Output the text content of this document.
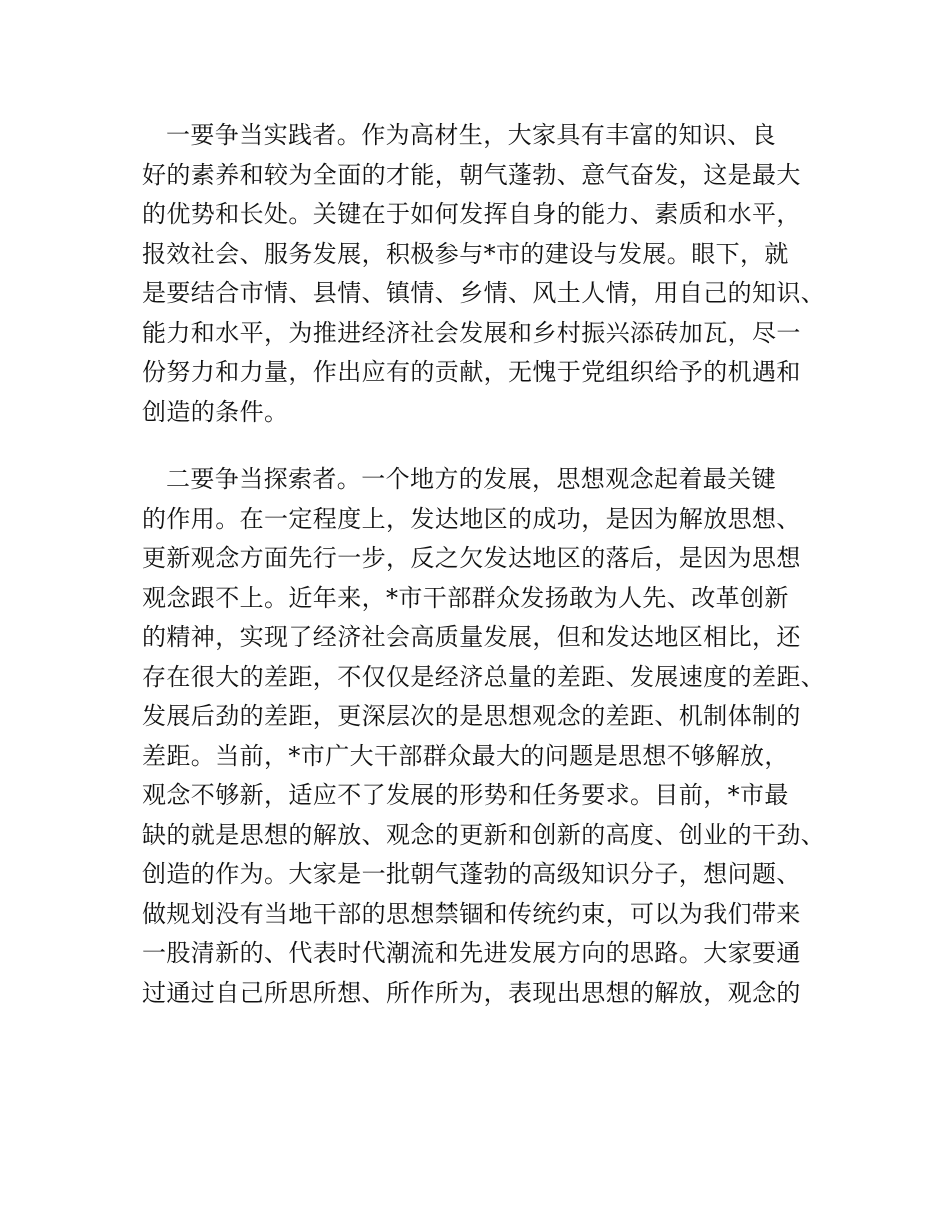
一要争当实践者。作为高材生，大家具有丰富的知识、良
好的素养和较为全面的才能，朝气蓬勃、意气奋发，这是最大
的优势和长处。关键在于如何发挥自身的能力、素质和水平，
报效社会、服务发展，积极参与*市的建设与发展。眼下，就
是要结合市情、县情、镇情、乡情、风土人情，用自己的知识、
能力和水平，为推进经济社会发展和乡村振兴添砖加瓦，尽一
份努力和力量，作出应有的贡献，无愧于党组织给予的机遇和
创造的条件。

二要争当探索者。一个地方的发展，思想观念起着最关键
的作用。在一定程度上，发达地区的成功，是因为解放思想、
更新观念方面先行一步，反之欠发达地区的落后，是因为思想
观念跟不上。近年来，*市干部群众发扬敢为人先、改革创新
的精神，实现了经济社会高质量发展，但和发达地区相比，还
存在很大的差距，不仅仅是经济总量的差距、发展速度的差距、
发展后劲的差距，更深层次的是思想观念的差距、机制体制的
差距。当前，*市广大干部群众最大的问题是思想不够解放，
观念不够新，适应不了发展的形势和任务要求。目前，*市最
缺的就是思想的解放、观念的更新和创新的高度、创业的干劲、
创造的作为。大家是一批朝气蓬勃的高级知识分子，想问题、
做规划没有当地干部的思想禁锢和传统约束，可以为我们带来
一股清新的、代表时代潮流和先进发展方向的思路。大家要通
过通过自己所思所想、所作所为，表现出思想的解放，观念的
